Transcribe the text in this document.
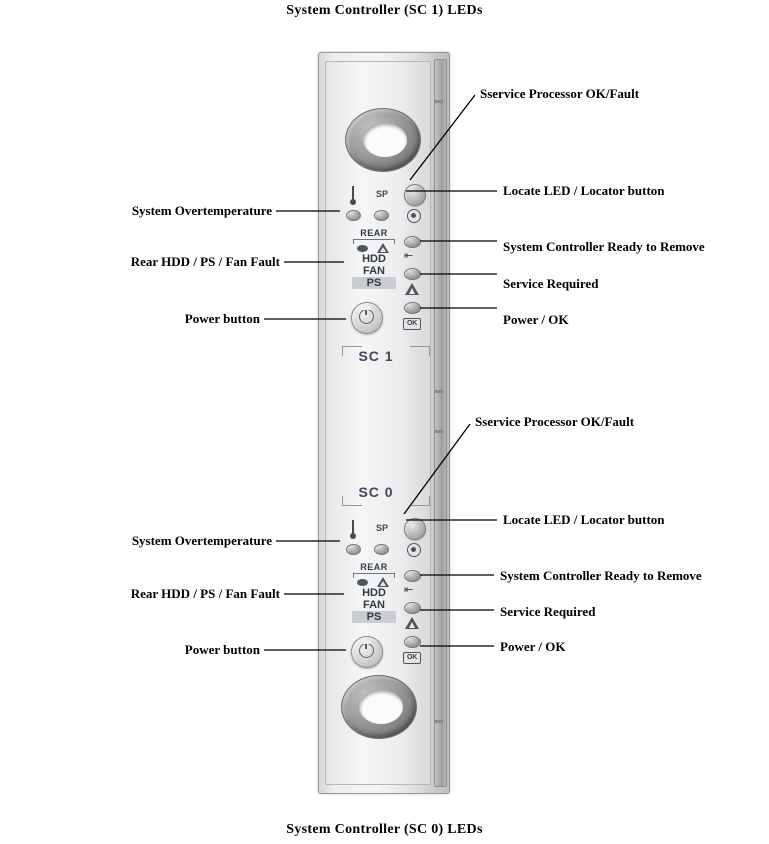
System Controller (SC 1) LEDs
System Controller (SC 0) LEDs
SP
REAR
HDD
FAN

PS
⇤
OK
SC 1
SC 0
SP
REAR
HDD
FAN

PS
⇤
OK
Sservice Processor OK/Fault
Locate LED / Locator button
System Controller Ready to Remove
Service Required
Power / OK
System Overtemperature
Rear HDD / PS / Fan Fault
Power button
Sservice Processor OK/Fault
Locate LED / Locator button
System Controller Ready to Remove
Service Required
Power / OK
System Overtemperature
Rear HDD / PS / Fan Fault
Power button
